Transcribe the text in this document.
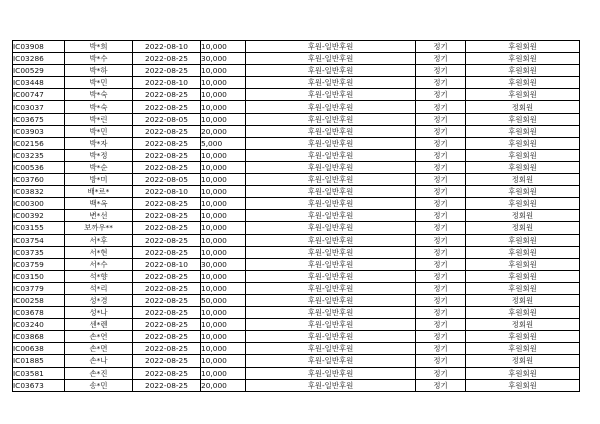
IC03908	박*희	2022-08-10	10,000	후원-일반후원	정기	후원회원
IC03286	박*수	2022-08-25	30,000	후원-일반후원	정기	후원회원
IC00529	박*하	2022-08-25	10,000	후원-일반후원	정기	후원회원
IC03448	박*민	2022-08-10	10,000	후원-일반후원	정기	후원회원
IC00747	박*숙	2022-08-25	10,000	후원-일반후원	정기	후원회원
IC03037	박*숙	2022-08-25	10,000	후원-일반후원	정기	정회원
IC03675	박*린	2022-08-05	10,000	후원-일반후원	정기	후원회원
IC03903	박*민	2022-08-25	20,000	후원-일반후원	정기	후원회원
IC02156	박*자	2022-08-25	5,000	후원-일반후원	정기	후원회원
IC03235	박*정	2022-08-25	10,000	후원-일반후원	정기	후원회원
IC00536	박*순	2022-08-25	10,000	후원-일반후원	정기	후원회원
IC03760	방*미	2022-08-05	10,000	후원-일반후원	정기	정회원
IC03832	배*르*	2022-08-10	10,000	후원-일반후원	정기	후원회원
IC00300	백*옥	2022-08-25	10,000	후원-일반후원	정기	후원회원
IC00392	변*선	2022-08-25	10,000	후원-일반후원	정기	정회원
IC03155	보까우**	2022-08-25	10,000	후원-일반후원	정기	정회원
IC03754	서*후	2022-08-25	10,000	후원-일반후원	정기	후원회원
IC03735	서*현	2022-08-25	10,000	후원-일반후원	정기	후원회원
IC03759	서*수	2022-08-10	30,000	후원-일반후원	정기	후원회원
IC03150	석*향	2022-08-25	10,000	후원-일반후원	정기	후원회원
IC03779	석*리	2022-08-25	10,000	후원-일반후원	정기	후원회원
IC00258	성*경	2022-08-25	50,000	후원-일반후원	정기	정회원
IC03678	성*나	2022-08-25	10,000	후원-일반후원	정기	후원회원
IC03240	센*렌	2022-08-25	10,000	후원-일반후원	정기	정회원
IC03868	손*연	2022-08-25	10,000	후원-일반후원	정기	후원회원
IC00638	손*면	2022-08-25	10,000	후원-일반후원	정기	후원회원
IC01885	손*나	2022-08-25	10,000	후원-일반후원	정기	정회원
IC03581	손*진	2022-08-25	10,000	후원-일반후원	정기	후원회원
IC03673	송*민	2022-08-25	20,000	후원-일반후원	정기	후원회원
